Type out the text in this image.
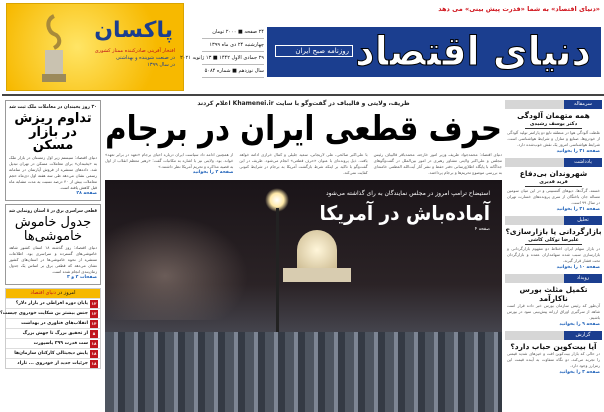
پاکسان
افتخار آفرینی صادرکننده ممتاز کشوری
در صنعت شوینده و بهداشتی
در سال ۱۳۹۹
۲۴ صفحه ■ ۲۰۰۰ تومان
چهارشنبه ۲۴ دی ماه ۱۳۹۹
۲۹ جمادی الاول ۱۴۴۲ ■ ۱۳ ژانویه ۲۰۲۱
سال نوزدهم ■ شماره ۵۰۸۴
«دنیای اقتصاد» به شما «قدرت پیش بینی» می دهد
دنیای اقتصاد
روزنامه صبح ایران
ظریف، ولایتی و قالیباف در گفت‌وگو با سایت Khamenei.ir اعلام کردند
حرف قطعی ایران در برجام
دنیای اقتصاد: محمدجواد ظریف وزیر امور خارجه، محمدباقر قالیباف رئیس مجلس و علی‌اکبر ولایتی مشاور رهبری در امور بین‌الملل در گفت‌وگوهای جداگانه با پایگاه اطلاع‌رسانی دفتر حفظ و نشر آثار آیت‌الله العظمی خامنه‌ای به بررسی موضوع تحریم‌ها و برجام پرداختند.
با علی‌اکبر صالحی، علی لاریجانی، سعید جلیلی و کمال خرازی ادامه خواهد یافت. ذیل پرونده‌ای با عنوان «حرف قطعی» انجام می‌شود. ظریف در این گفت‌وگو با تاکید بر اینکه شرط بازگشت آمریکا به برجام در شرایط کنونی کفایت نمی‌کند.
از همچنین ادامه داد سیاست ایران درباره احیای برجام «تعهد در برابر تعهد» خواند. بود. ولایتی نیز با اشاره به مکاتبات گفت: «رهبر معظم انقلاب از اول به قضیه مذاکره و تحریم آمریکا نظر داشتند.»
صفحه ۲ را بخوانید
استیضاح ترامپ امروز در مجلس نمایندگان به رای گذاشته می‌شود
آماده‌باش در آمریکا
صفحه ۴
۳۰ روز یخبندان در معاملات ملک ثبت شد
تداوم ریزش در بازار مسکن
دنیای اقتصاد: سیستم زیر اول زمستان در بازار ملک به «یخبندان» برای معاملات مسکن در تهران تبدیل شد. داده‌های منتشره از فروش آپارتمان در سامانه رسمی نشان می‌دهد طی سه هفته اول دی‌ماه حجم معاملات بیش از ۴۰ درصد نسبت به مدت مشابه ماه قبل کاهش یافته است.
صفحه ۲۸
قطعی سراسری برق در ۸ استان رونمایی شد
جدول خاموش خاموشی‌ها
دنیای اقتصاد: روز گذشته ۱۸ استان کشور شاهد خاموشی‌های گسترده و سراسری بود. اطلاعات منتشره از نحوه خاموشی‌ها در استان‌های کشور نشان می‌دهد که قطعی برق بر اساس یک جدول زمان‌بندی انجام شده است.
صفحات ۲ و ۳
امروز در دنیای اقتصاد
۱۲
پایان دوره افراطی در بازار دلار؟
۱۲
جنس بیشتر بن شکایت خودروی چیست؟
۱۴
انقلاب‌های فناوری در بهداشت
۵
از تحقیق بزرگ تا جهش بزرگ
۱۸
ست قدرت ۲۹۹ یاسپورت
۱۸
پایش دیجیتالی کارکنان سازمان‌ها
۱۸
جزئیات جدید از خودروی ... تاراد
سرمقاله
همه متهمان آلودگی
دکتر یوسف رشیدی
غلظت آلودگی هوا در منطقه تابع دو پارامتر تولید آلودگی از خودروها، صنایع و منازل و شرایط هواشناسی است. شرایط هواشناسی امروز یک نقش خوب‌شده دارد.
صفحه ۳۱ را بخوانید
یادداشت
شهروندان بی‌دفاع
فرید قدیری
خسته، گرگ‌ها، دیوهای آلتسبیتی و در این میان سومین مساله جان باختگان از سری پرونده‌های خسارت تهران در سال ۹۹ است.
صفحه ۳۱ را بخوانید
تحلیل
بازارگردانی یا بازارسازی؟
علیرضا توکلی کاشی
در بازار سهام ایران اختلاط دو مفهوم بازارگردانی و بازارسازی سبب شده سهامداران عمده و بازارگردان تحت فشار قرار گیرند.
صفحه ۱۰ را بخوانید
رویداد
تکمیل مثلث بورس ناکارآمد
آن‌طور که رئیس سازمان بورس خبر داده قرار است شاهد از سرگیری اوراق ارزانه پیش‌بینی سود در بورس باشیم.
صفحه ۹ را بخوانید
گزارش
آیا بیت‌کوین حباب دارد؟
در حالی که بازار بیت‌کوین افت و خیزهای شدید قیمتی را تجربه می‌کند، دو نگاه متفاوت به آینده قیمت این رمزارز وجود دارد.
صفحه ۳ را بخوانید
